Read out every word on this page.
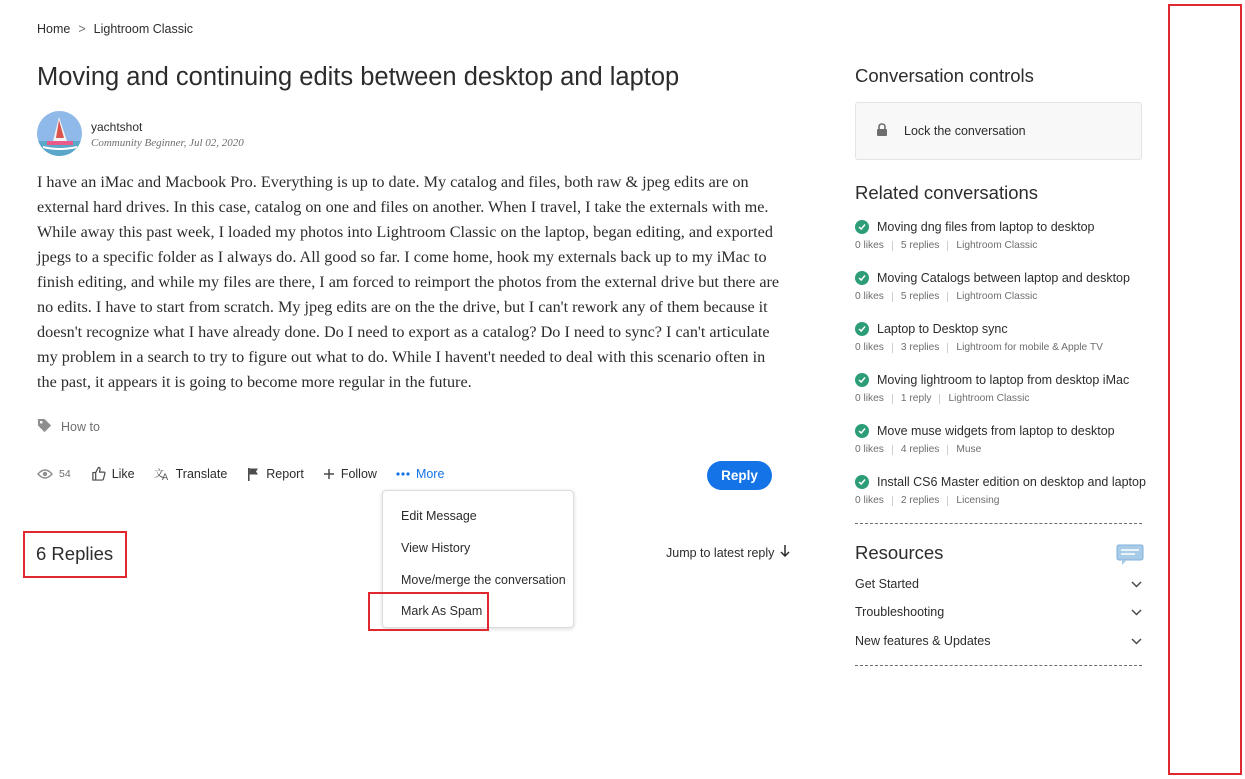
Home > Lightroom Classic
Moving and continuing edits between desktop and laptop
yachtshot
Community Beginner, Jul 02, 2020

I have an iMac and Macbook Pro. Everything is up to date. My catalog and files, both raw & jpeg edits are on external hard drives. In this case, catalog on one and files on another. When I travel, I take the externals with me. While away this past week, I loaded my photos into Lightroom Classic on the laptop, began editing, and exported jpegs to a specific folder as I always do. All good so far. I come home, hook my externals back up to my iMac to finish editing, and while my files are there, I am forced to reimport the photos from the external drive but there are no edits. I have to start from scratch. My jpeg edits are on the the drive, but I can't rework any of them because it doesn't recognize what I have already done. Do I need to export as a catalog? Do I need to sync? I can't articulate my problem in a search to try to figure out what to do. While I havent't needed to deal with this scenario often in the past, it appears it is going to become more regular in the future.

How to
54	Like 文
A Translate	Report	Follow	More	Reply
Edit Message
View History
Move/merge the conversation
Mark As Spam
6 Replies	Jump to latest reply
Conversation controls
Lock the conversation
Related conversations
Moving dng files from laptop to desktop
0 likes 5 replies Lightroom Classic
Moving Catalogs between laptop and desktop
0 likes 5 replies Lightroom Classic
Laptop to Desktop sync
0 likes 3 replies Lightroom for mobile & Apple TV
Moving lightroom to laptop from desktop iMac
0 likes 1 reply Lightroom Classic
Move muse widgets from laptop to desktop
0 likes 4 replies Muse
Install CS6 Master edition on desktop and laptop
0 likes 2 replies Licensing
Resources
Get Started
Troubleshooting
New features & Updates
